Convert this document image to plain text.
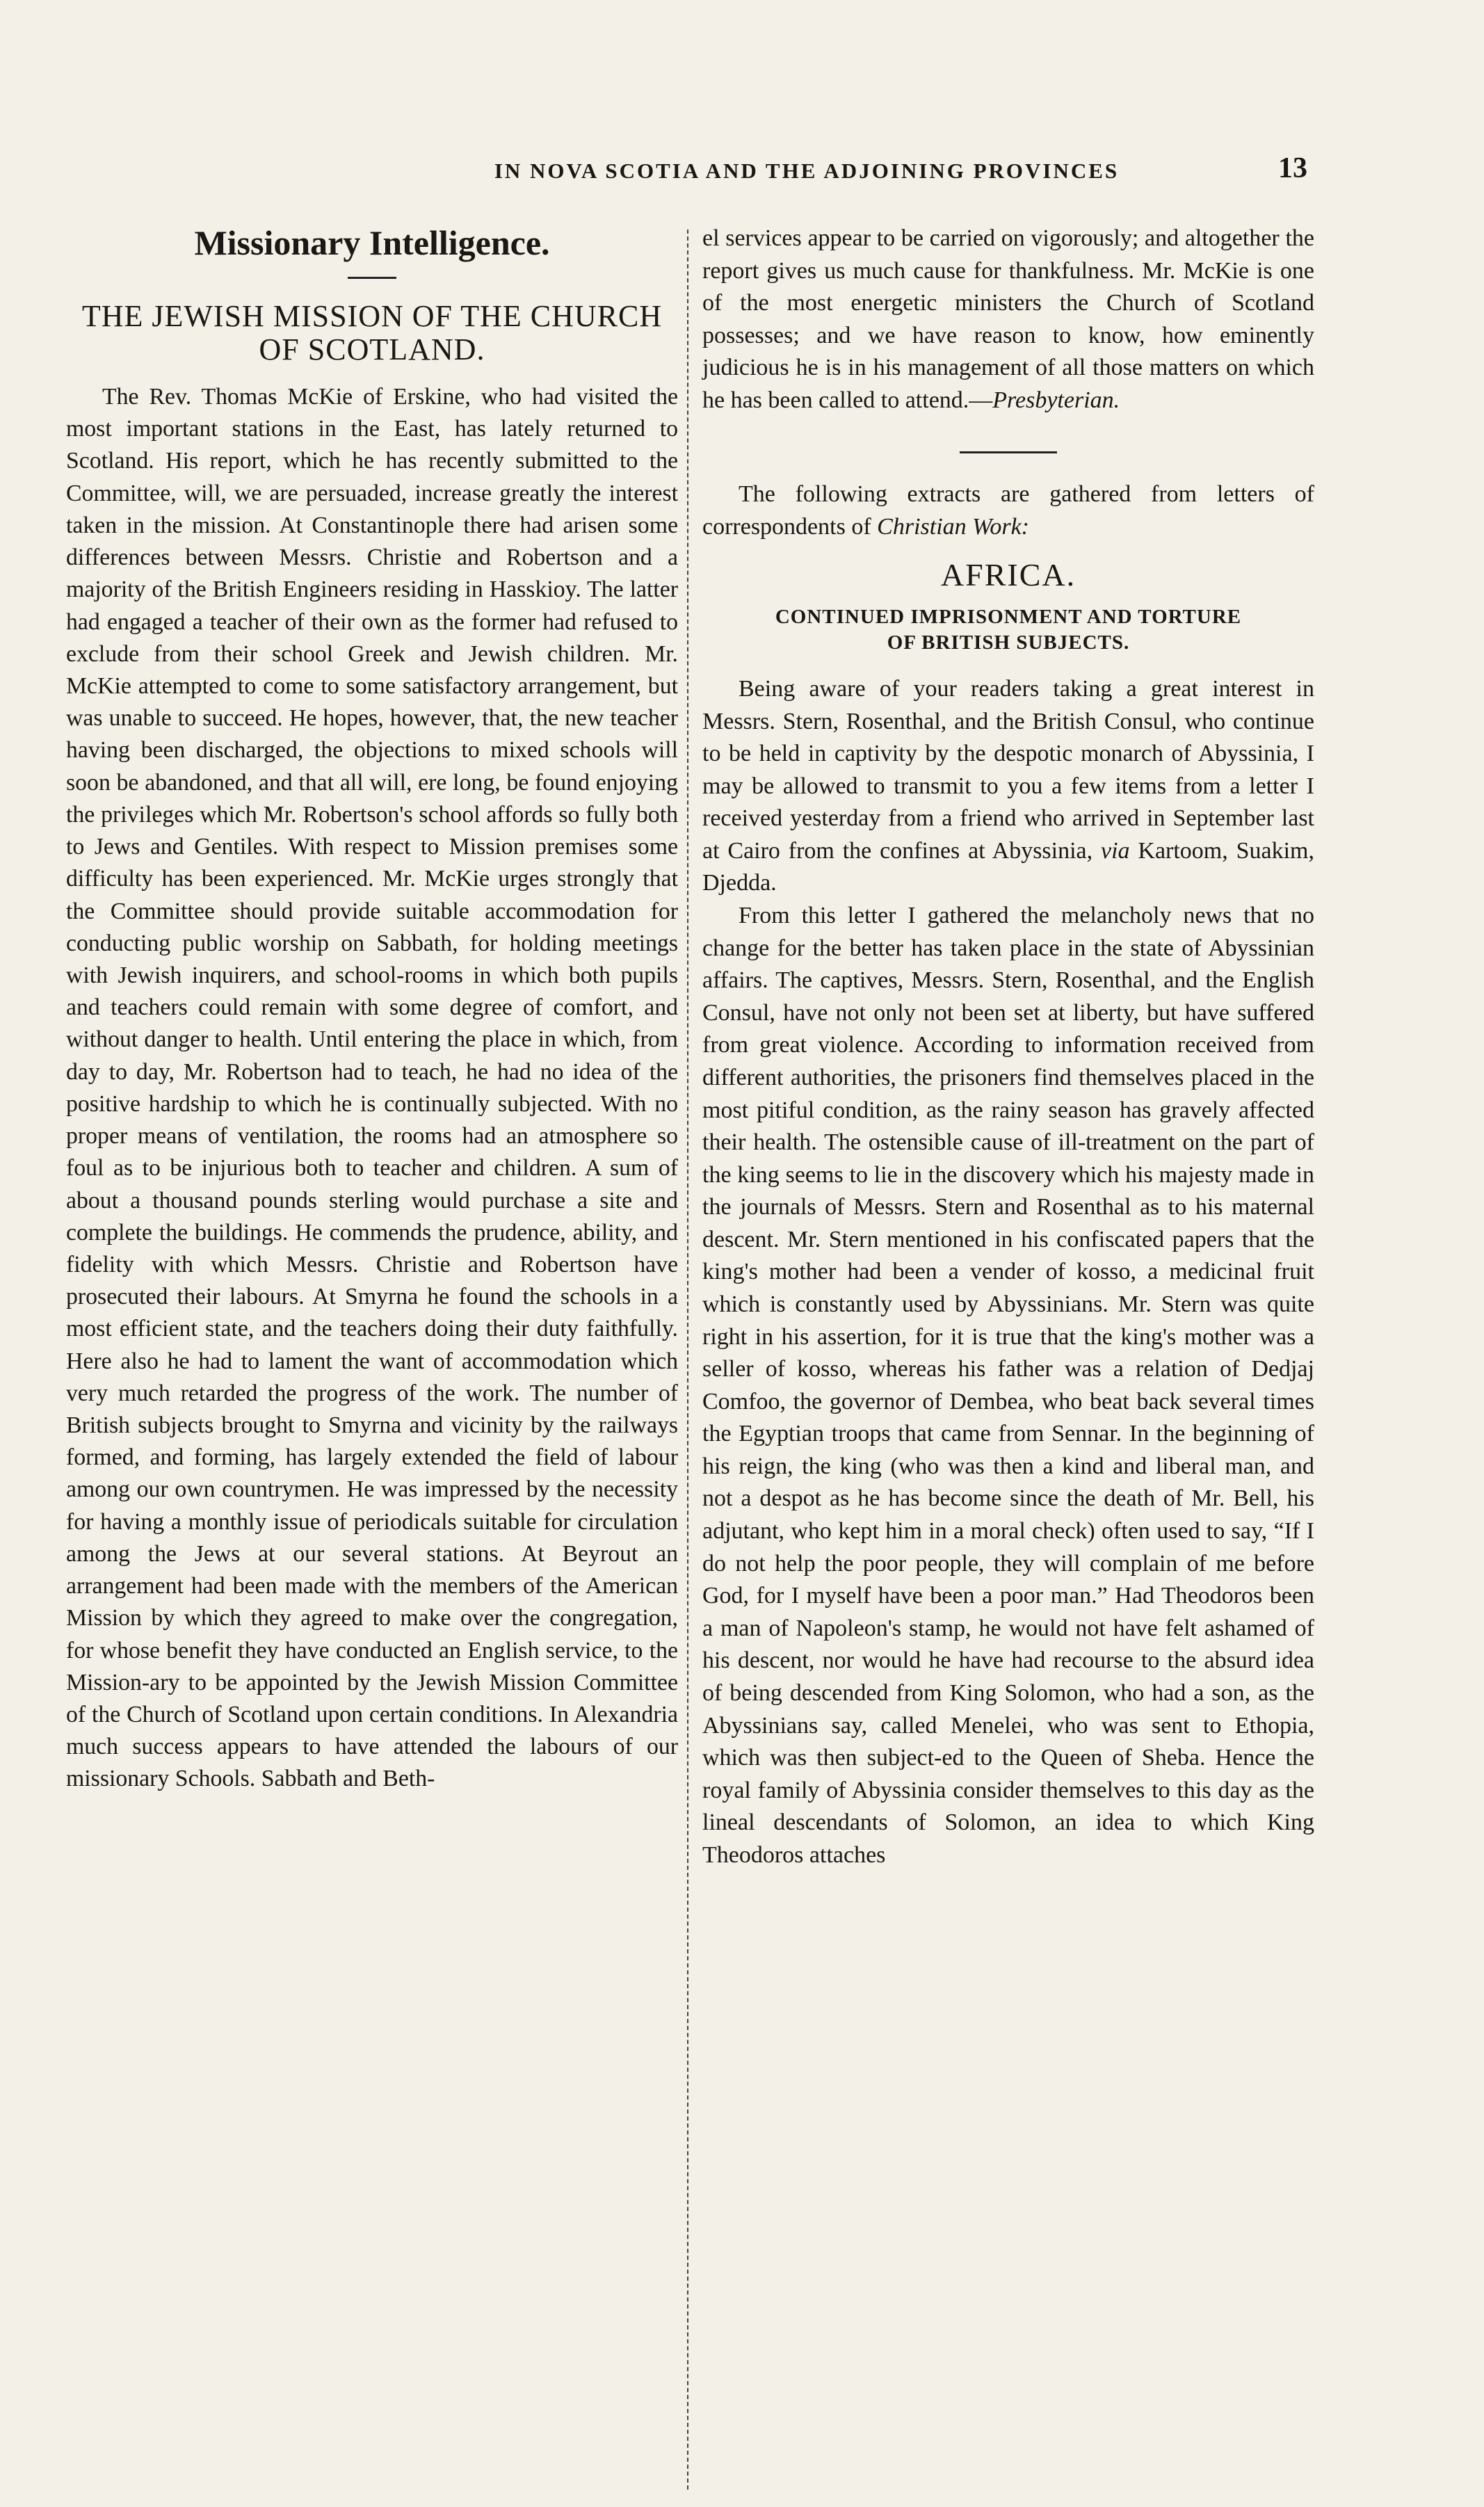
IN NOVA SCOTIA AND THE ADJOINING PROVINCES	13
Missionary Intelligence.
THE JEWISH MISSION OF THE CHURCH OF SCOTLAND.

The Rev. Thomas McKie of Erskine, who had visited the most important stations in the East, has lately returned to Scotland. His report, which he has recently submitted to the Committee, will, we are persuaded, increase greatly the interest taken in the mission. At Constantinople there had arisen some differences between Messrs. Christie and Robertson and a majority of the British Engineers residing in Hasskioy. The latter had engaged a teacher of their own as the former had refused to exclude from their school Greek and Jewish children. Mr. McKie attempted to come to some satisfactory arrangement, but was unable to succeed. He hopes, however, that, the new teacher having been discharged, the objections to mixed schools will soon be abandoned, and that all will, ere long, be found enjoying the privileges which Mr. Robertson's school affords so fully both to Jews and Gentiles. With respect to Mission premises some difficulty has been experienced. Mr. McKie urges strongly that the Committee should provide suitable accommodation for conducting public worship on Sabbath, for holding meetings with Jewish inquirers, and school-rooms in which both pupils and teachers could remain with some degree of comfort, and without danger to health. Until entering the place in which, from day to day, Mr. Robertson had to teach, he had no idea of the positive hardship to which he is continually subjected. With no proper means of ventilation, the rooms had an atmosphere so foul as to be injurious both to teacher and children. A sum of about a thousand pounds sterling would purchase a site and complete the buildings. He commends the prudence, ability, and fidelity with which Messrs. Christie and Robertson have prosecuted their labours. At Smyrna he found the schools in a most efficient state, and the teachers doing their duty faithfully. Here also he had to lament the want of accommodation which very much retarded the progress of the work. The number of British subjects brought to Smyrna and vicinity by the railways formed, and forming, has largely extended the field of labour among our own countrymen. He was impressed by the necessity for having a monthly issue of periodicals suitable for circulation among the Jews at our several stations. At Beyrout an arrangement had been made with the members of the American Mission by which they agreed to make over the congregation, for whose benefit they have conducted an English service, to the Mission-ary to be appointed by the Jewish Mission Committee of the Church of Scotland upon certain conditions. In Alexandria much success appears to have attended the labours of our missionary Schools. Sabbath and Beth-

el services appear to be carried on vigorously; and altogether the report gives us much cause for thankfulness. Mr. McKie is one of the most energetic ministers the Church of Scotland possesses; and we have reason to know, how eminently judicious he is in his management of all those matters on which he has been called to attend.—Presbyterian.

The following extracts are gathered from letters of correspondents of Christian Work:

AFRICA.
CONTINUED IMPRISONMENT AND TORTURE
OF BRITISH SUBJECTS.

Being aware of your readers taking a great interest in Messrs. Stern, Rosenthal, and the British Consul, who continue to be held in captivity by the despotic monarch of Abyssinia, I may be allowed to transmit to you a few items from a letter I received yesterday from a friend who arrived in September last at Cairo from the confines at Abyssinia, via Kartoom, Suakim, Djedda.

From this letter I gathered the melancholy news that no change for the better has taken place in the state of Abyssinian affairs. The captives, Messrs. Stern, Rosenthal, and the English Consul, have not only not been set at liberty, but have suffered from great violence. According to information received from different authorities, the prisoners find themselves placed in the most pitiful condition, as the rainy season has gravely affected their health. The ostensible cause of ill-treatment on the part of the king seems to lie in the discovery which his majesty made in the journals of Messrs. Stern and Rosenthal as to his maternal descent. Mr. Stern mentioned in his confiscated papers that the king's mother had been a vender of kosso, a medicinal fruit which is constantly used by Abyssinians. Mr. Stern was quite right in his assertion, for it is true that the king's mother was a seller of kosso, whereas his father was a relation of Dedjaj Comfoo, the governor of Dembea, who beat back several times the Egyptian troops that came from Sennar. In the beginning of his reign, the king (who was then a kind and liberal man, and not a despot as he has become since the death of Mr. Bell, his adjutant, who kept him in a moral check) often used to say, “If I do not help the poor people, they will complain of me before God, for I myself have been a poor man.” Had Theodoros been a man of Napoleon's stamp, he would not have felt ashamed of his descent, nor would he have had recourse to the absurd idea of being descended from King Solomon, who had a son, as the Abyssinians say, called Menelei, who was sent to Ethopia, which was then subject-ed to the Queen of Sheba. Hence the royal family of Abyssinia consider themselves to this day as the lineal descendants of Solomon, an idea to which King Theodoros attaches
